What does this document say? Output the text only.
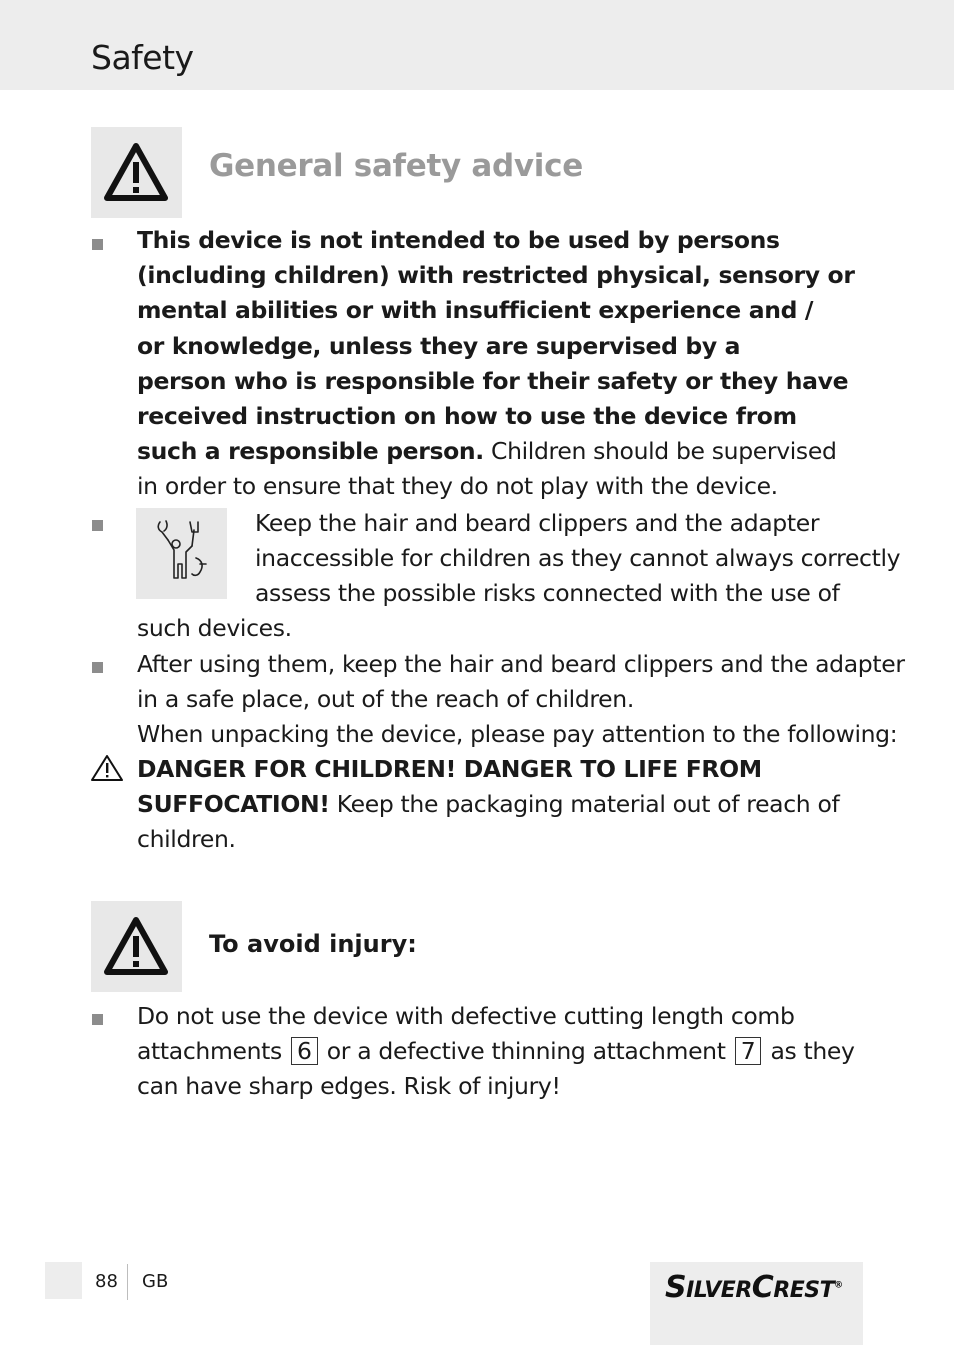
Safety
General safety advice
This device is not intended to be used by persons
(including children) with restricted physical, sensory or
mental abilities or with insufficient experience and /
or knowledge, unless they are supervised by a
person who is responsible for their safety or they have
received instruction on how to use the device from
such a responsible person. Children should be supervised
in order to ensure that they do not play with the device.
Keep the hair and beard clippers and the adapter
inaccessible for children as they cannot always correctly
assess the possible risks connected with the use of
such devices.
After using them, keep the hair and beard clippers and the adapter
in a safe place, out of the reach of children.
When unpacking the device, please pay attention to the following:
DANGER FOR CHILDREN! DANGER TO LIFE FROM
SUFFOCATION! Keep the packaging material out of reach of
children.
To avoid injury:
Do not use the device with defective cutting length comb
attachments 6 or a defective thinning attachment 7 as they
can have sharp edges. Risk of injury!
88 GB	SILVERCREST®
